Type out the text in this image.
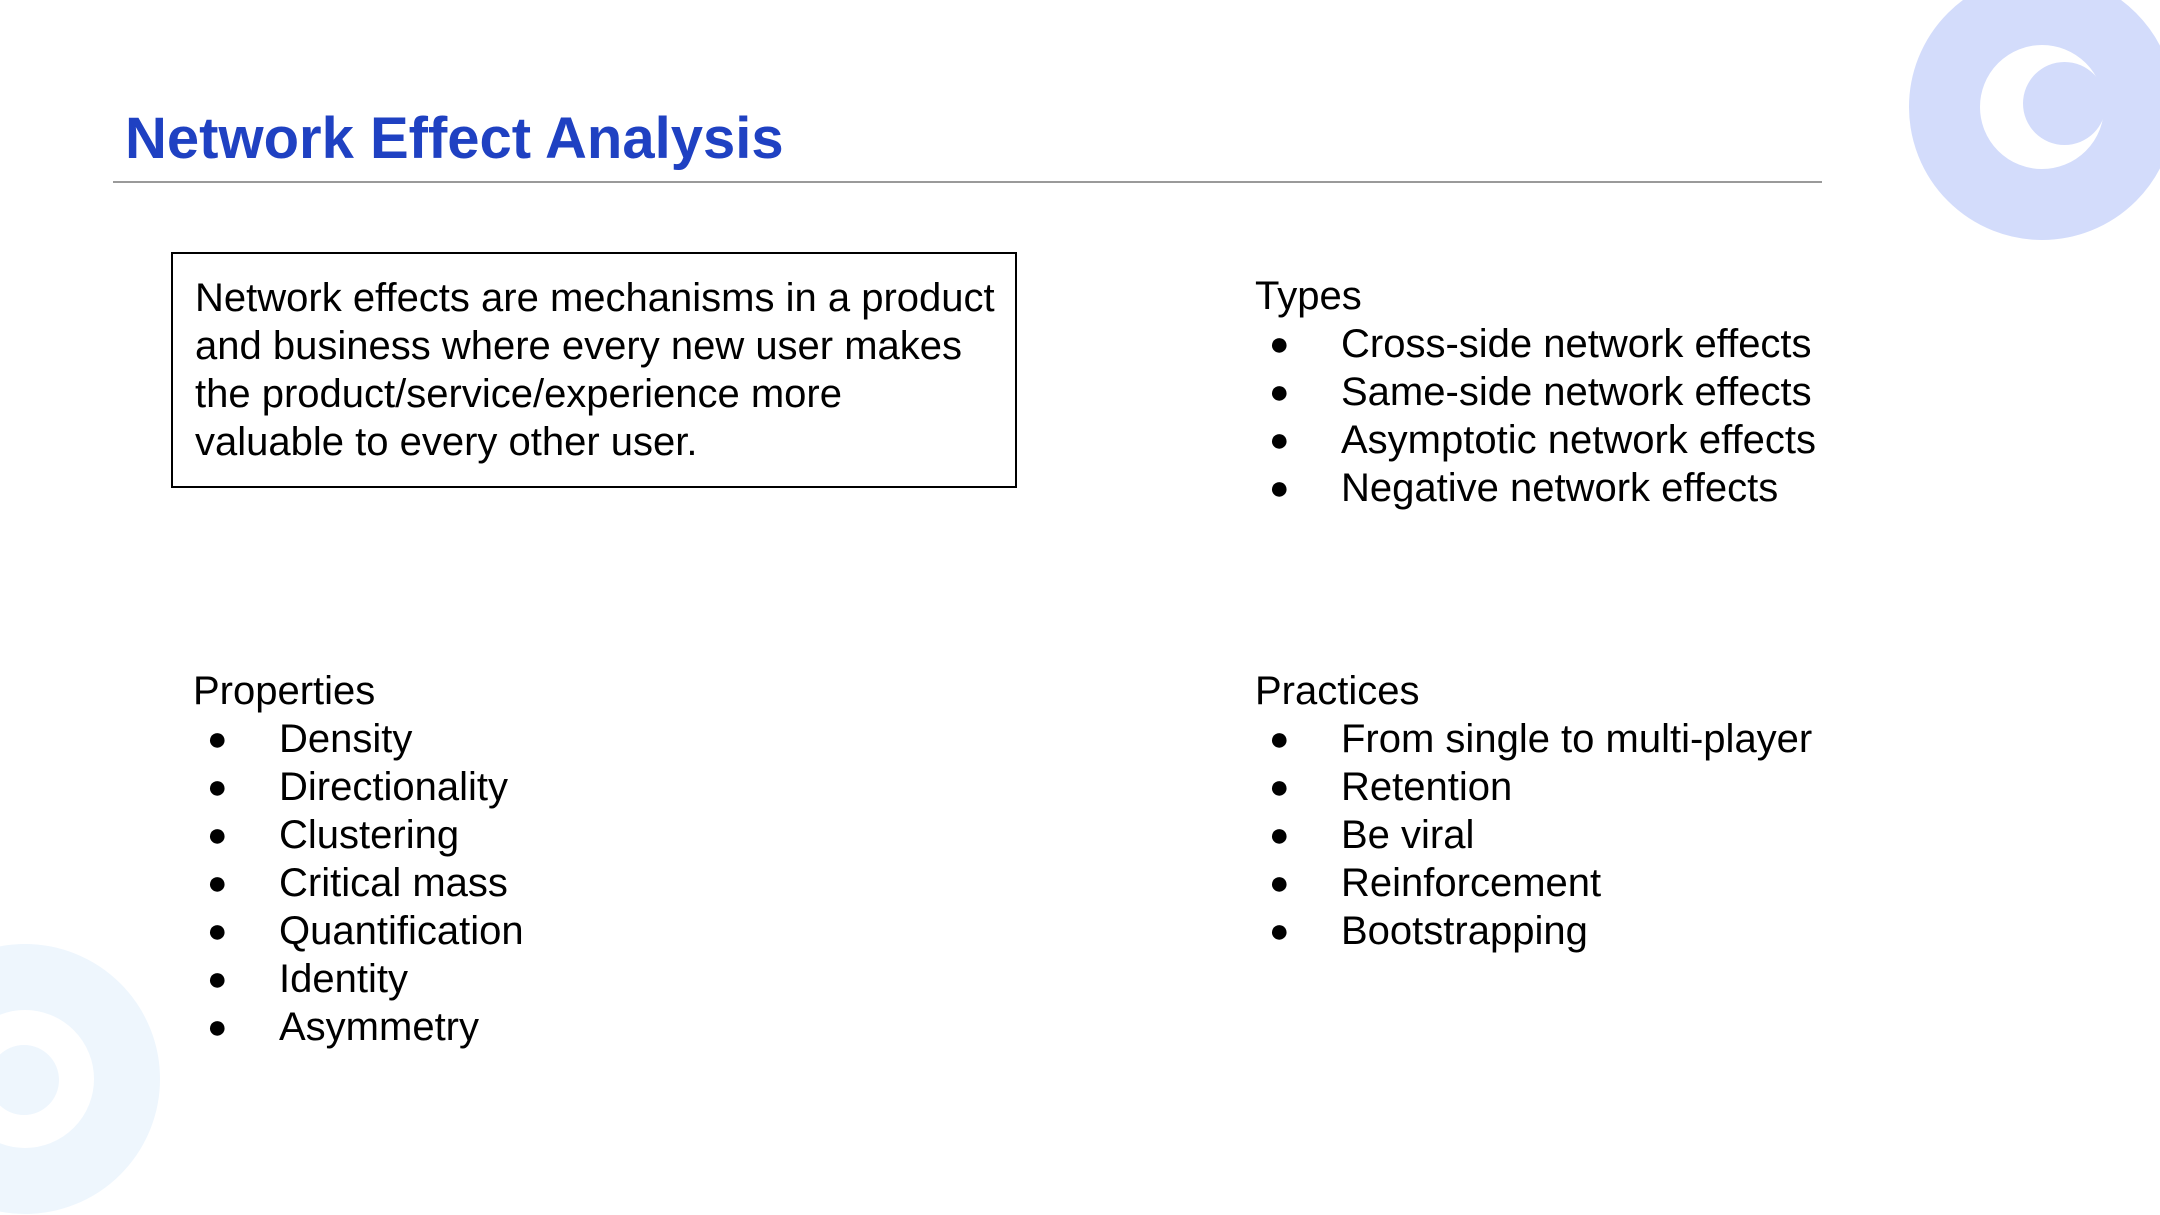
Network Effect Analysis
Network effects are mechanisms in a product and business where every new user makes the product/service/experience more valuable to every other user.
Types
● Cross-side network effects
● Same-side network effects
● Asymptotic network effects
● Negative network effects
Properties
● Density
● Directionality
● Clustering
● Critical mass
● Quantification
● Identity
● Asymmetry
Practices
● From single to multi-player
● Retention
● Be viral
● Reinforcement
● Bootstrapping
